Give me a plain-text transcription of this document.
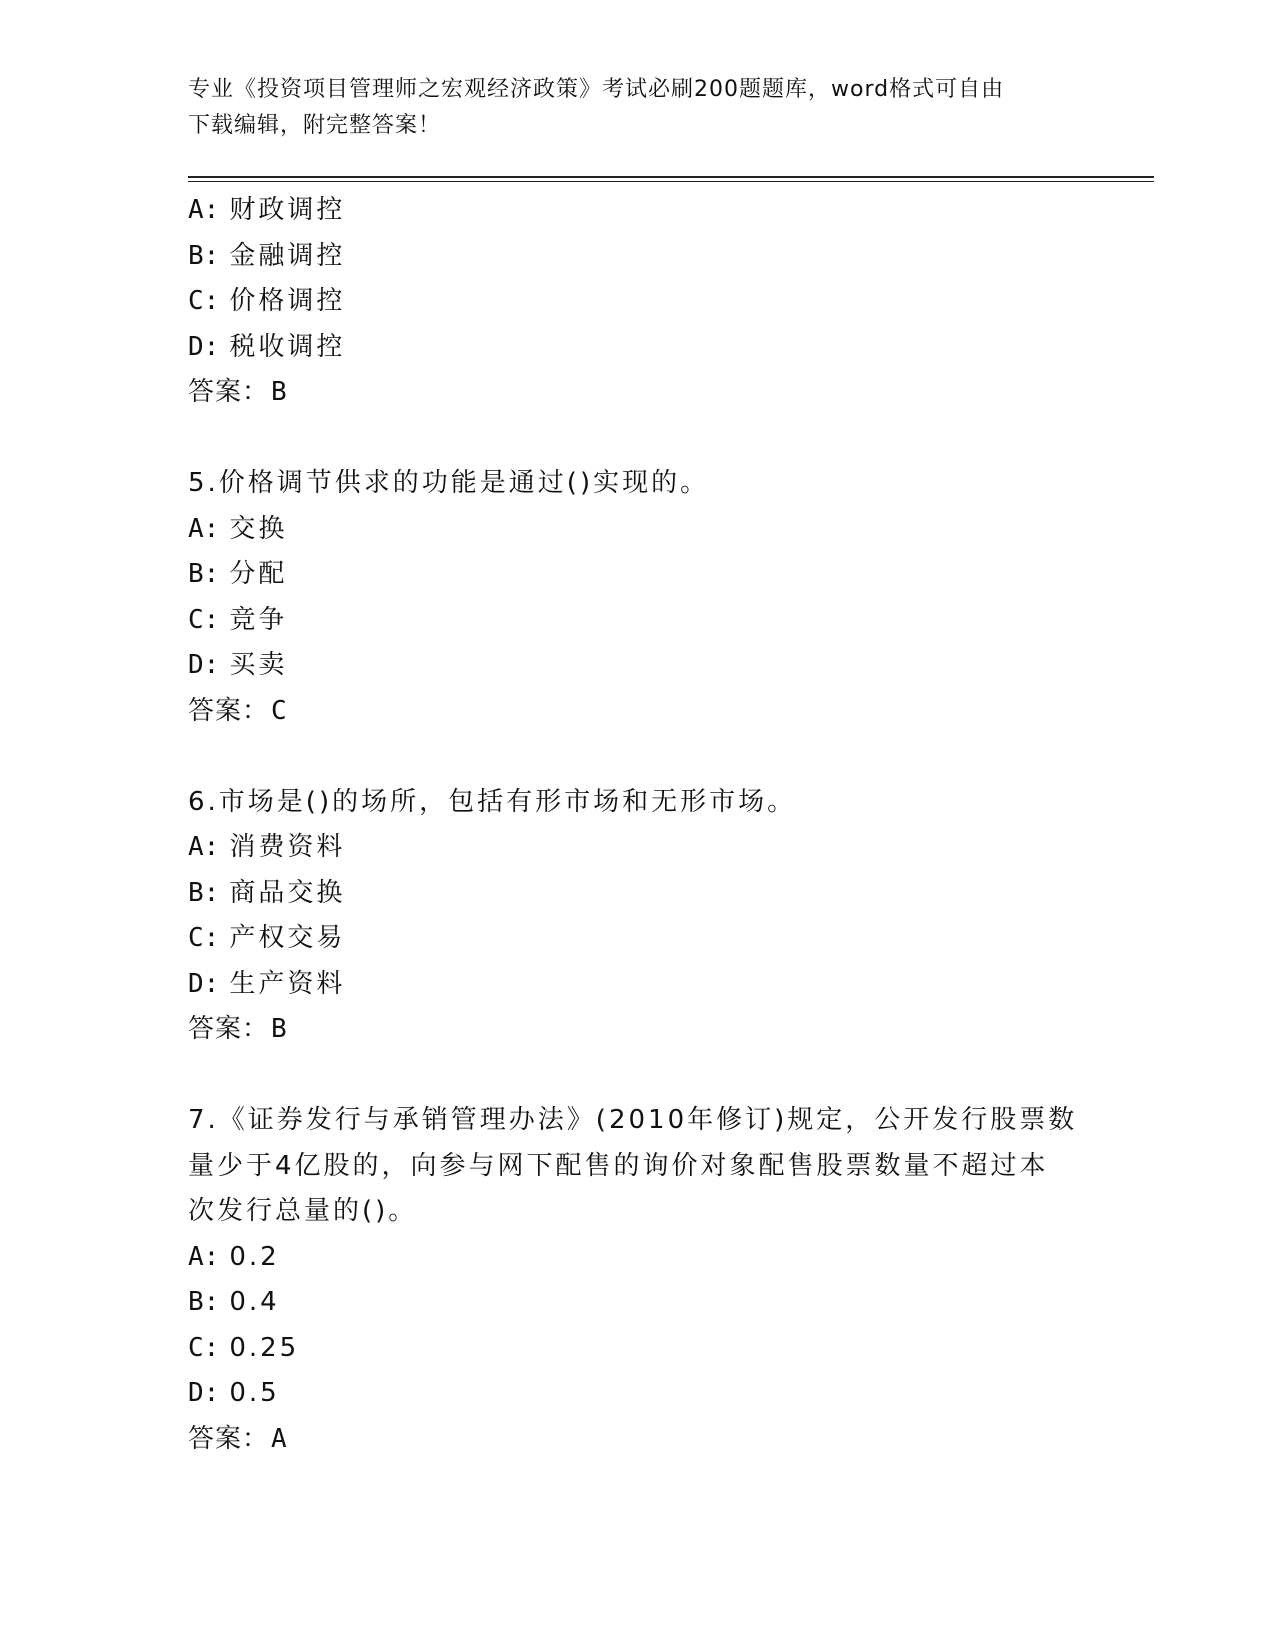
专业《投资项目管理师之宏观经济政策》考试必刷200题题库，word格式可自由
下载编辑，附完整答案！
A: 财政调控
B: 金融调控
C: 价格调控
D: 税收调控
答案：B
5.价格调节供求的功能是通过()实现的。
A: 交换
B: 分配
C: 竞争
D: 买卖
答案：C
6.市场是()的场所，包括有形市场和无形市场。
A: 消费资料
B: 商品交换
C: 产权交易
D: 生产资料
答案：B
7.《证券发行与承销管理办法》(2010年修订)规定，公开发行股票数
量少于4亿股的，向参与网下配售的询价对象配售股票数量不超过本
次发行总量的()。
A: 0.2
B: 0.4
C: 0.25
D: 0.5
答案：A
